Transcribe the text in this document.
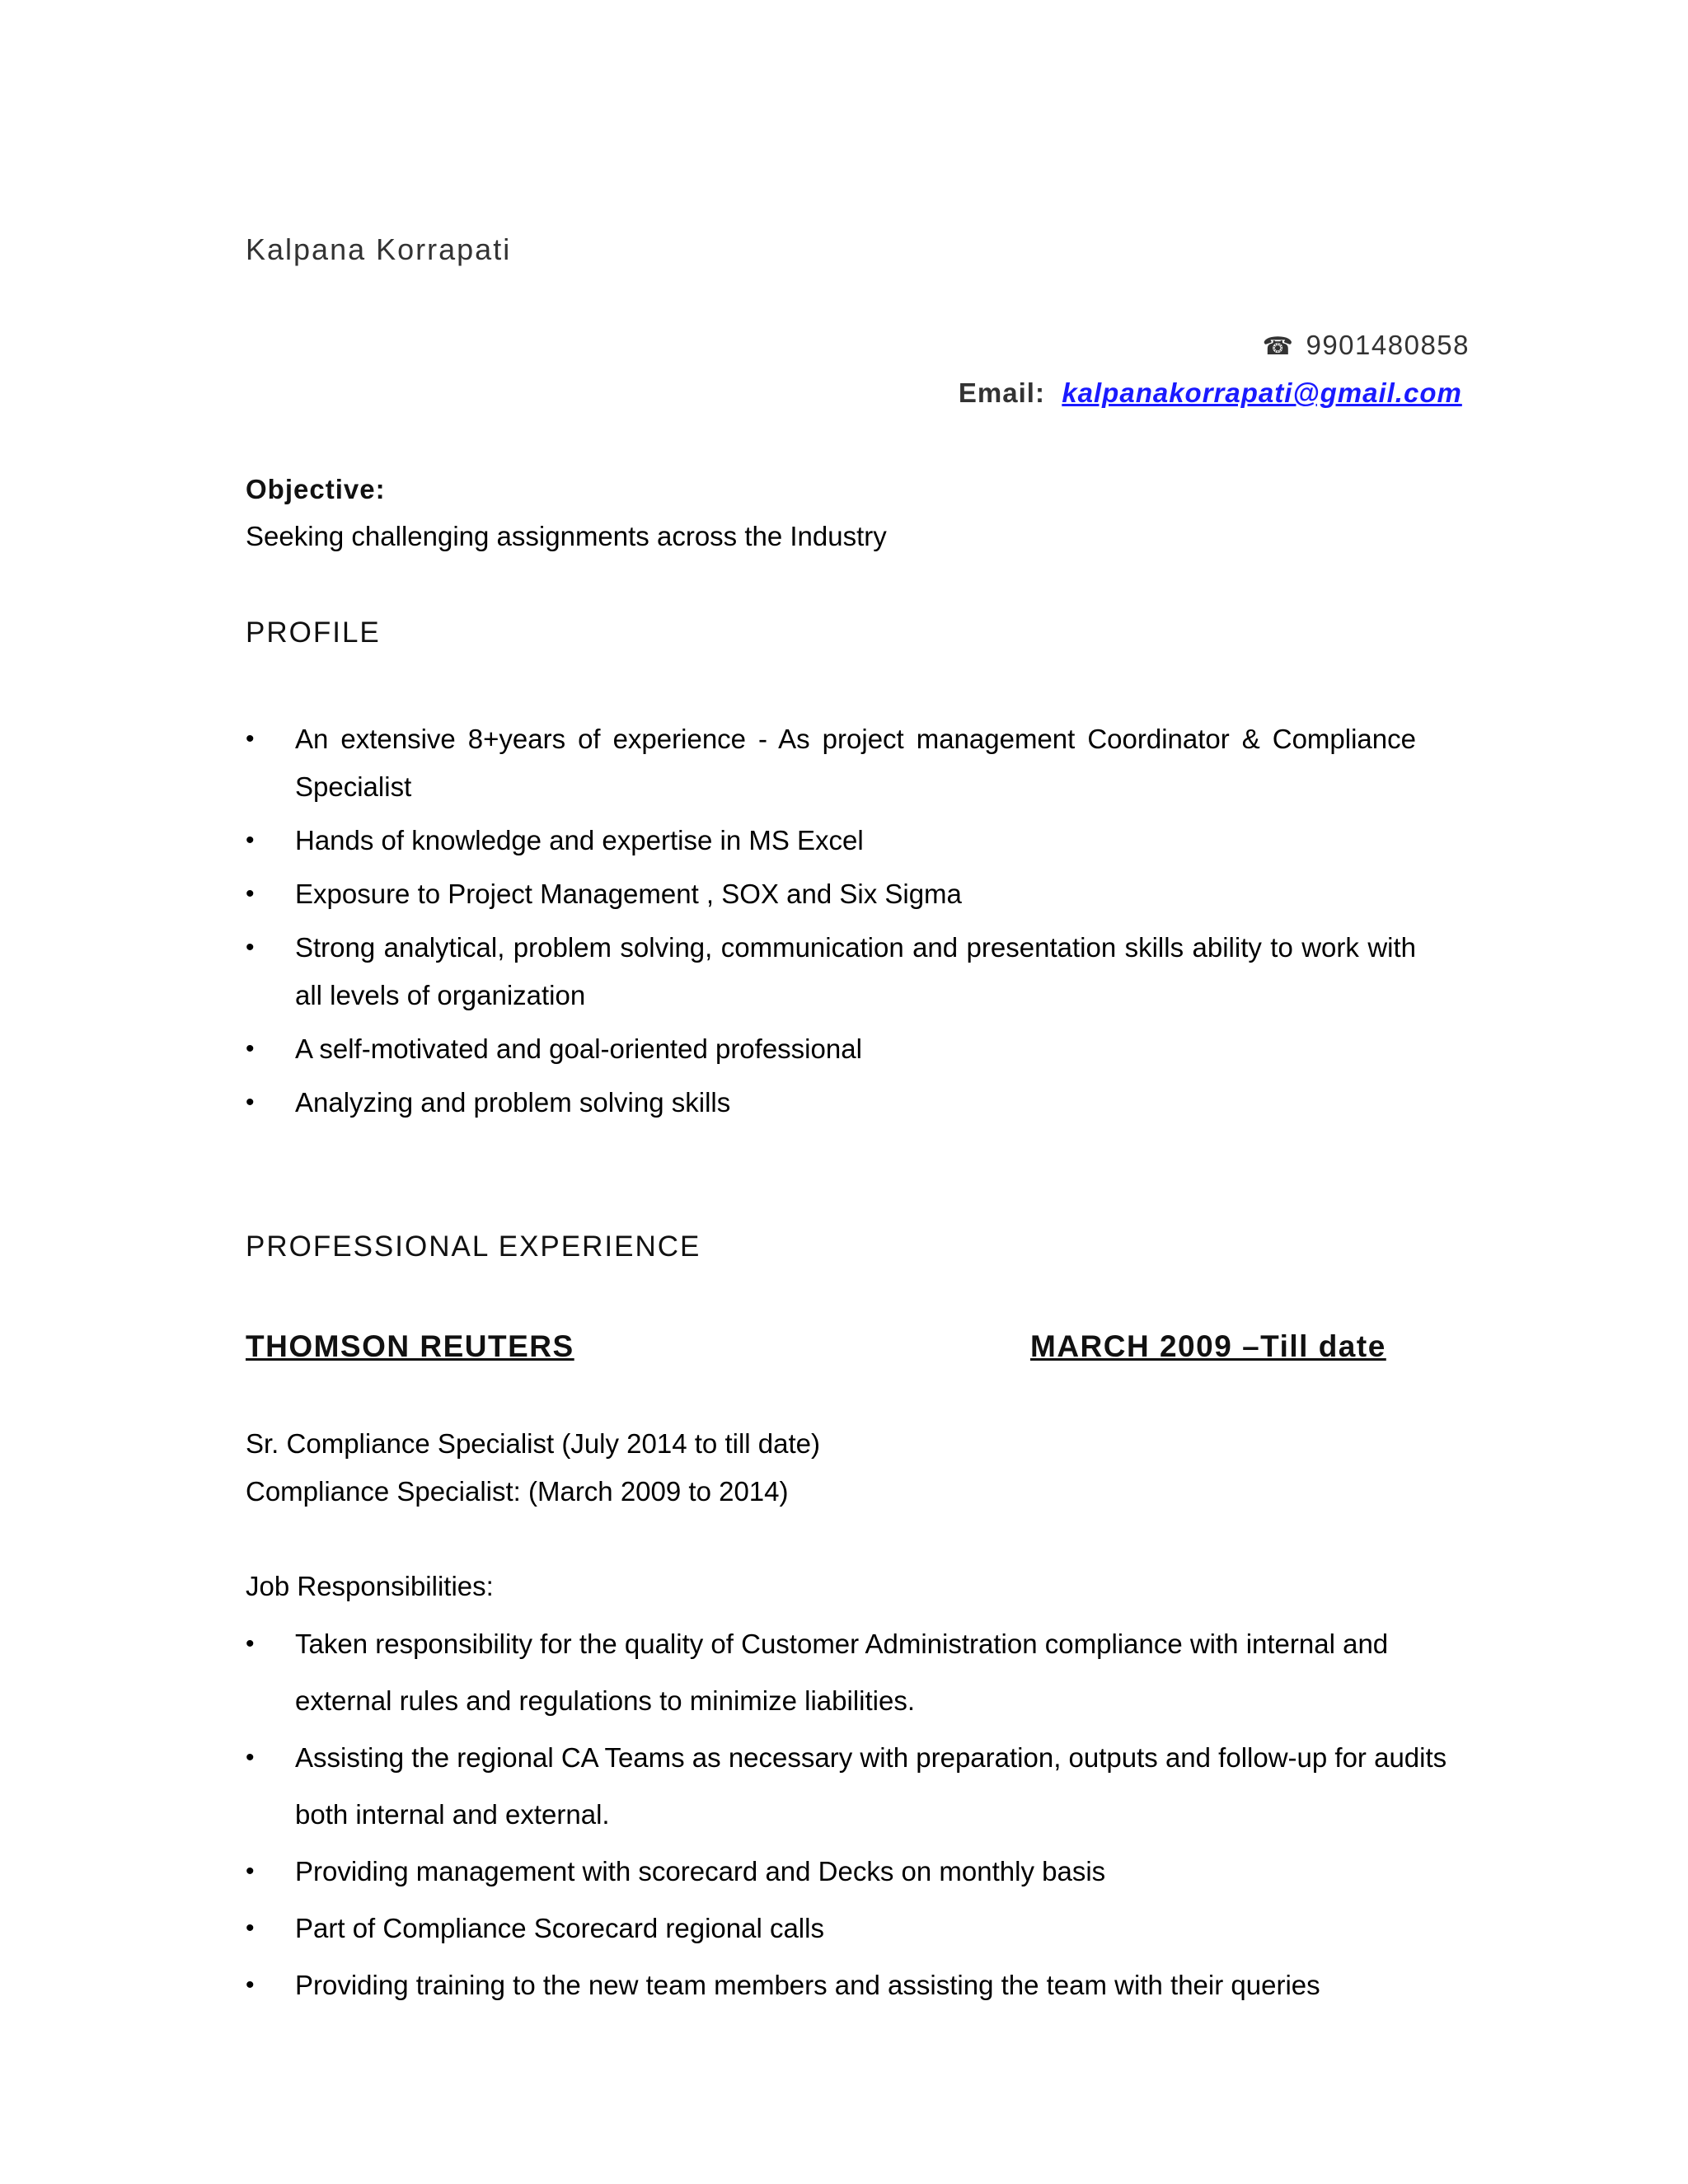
Kalpana Korrapati
☎ 9901480858
Email: kalpanakorrapati@gmail.com
Objective:
Seeking challenging assignments across the Industry
PROFILE
• An extensive 8+years of experience - As project management Coordinator & Compliance Specialist
• Hands of knowledge and expertise in MS Excel
• Exposure to Project Management , SOX and Six Sigma
• Strong analytical, problem solving, communication and presentation skills ability to work with all levels of organization
• A self-motivated and goal-oriented professional
• Analyzing and problem solving skills
PROFESSIONAL EXPERIENCE
THOMSON REUTERS	MARCH 2009 –Till date
Sr. Compliance Specialist (July 2014 to till date)
Compliance Specialist: (March 2009 to 2014)
Job Responsibilities:
• Taken responsibility for the quality of Customer Administration compliance with internal and external rules and regulations to minimize liabilities.
• Assisting the regional CA Teams as necessary with preparation, outputs and follow-up for audits both internal and external.
• Providing management with scorecard and Decks on monthly basis
• Part of Compliance Scorecard regional calls
• Providing training to the new team members and assisting the team with their queries
